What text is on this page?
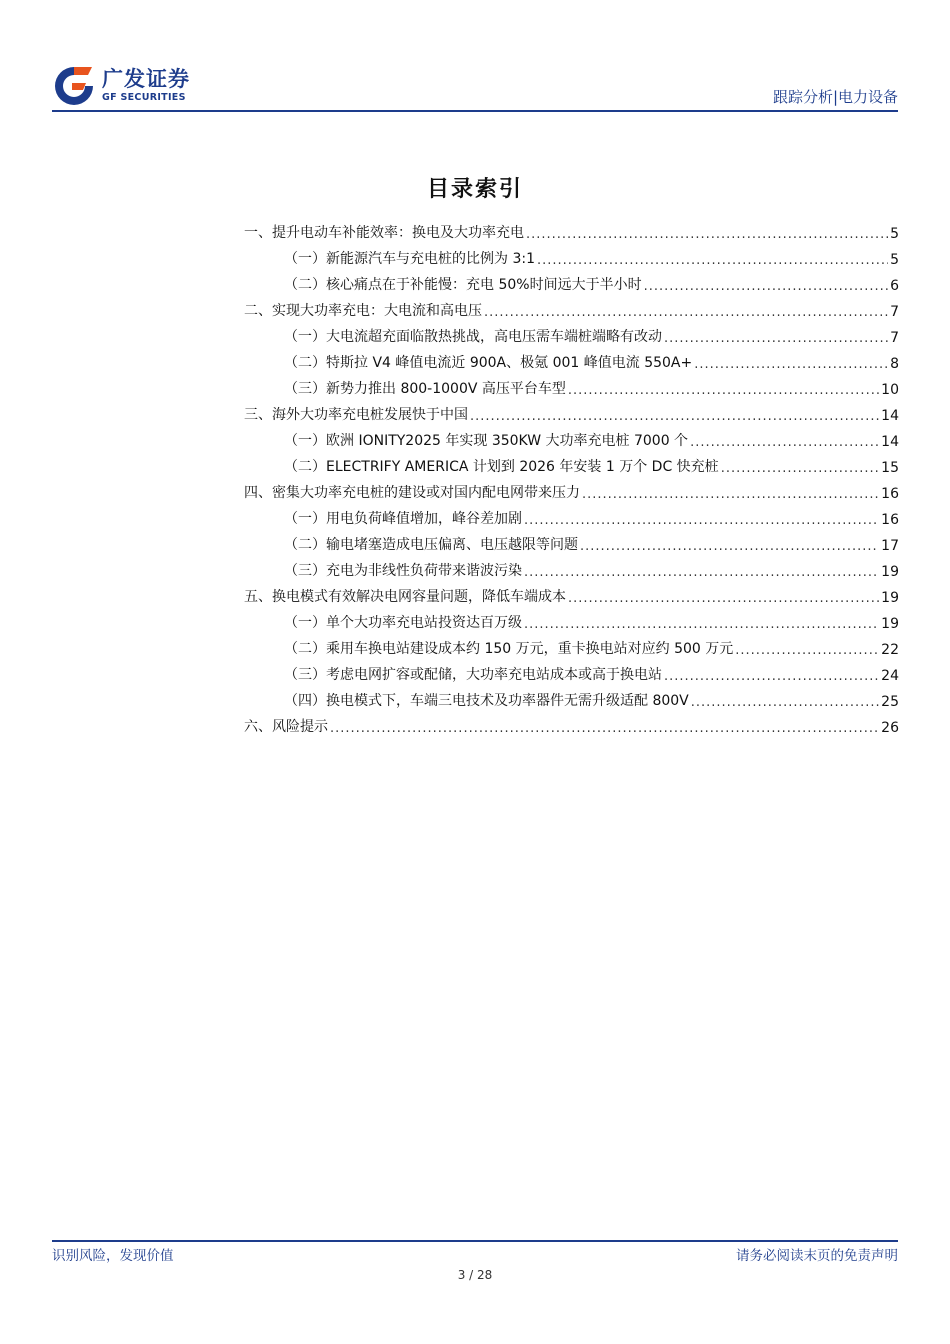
广发证券
GF SECURITIES	跟踪分析|电力设备
目录索引
一、提升电动车补能效率：换电及大功率充电 .....	5
（一）新能源汽车与充电桩的比例为 3:1 .....	5
（二）核心痛点在于补能慢：充电 50%时间远大于半小时 .....	6
二、实现大功率充电：大电流和高电压 .....	7
（一）大电流超充面临散热挑战，高电压需车端桩端略有改动 .....	7
（二）特斯拉 V4 峰值电流近 900A、极氪 001 峰值电流 550A+ .....	8
（三）新势力推出 800-1000V 高压平台车型 .....	10
三、海外大功率充电桩发展快于中国 .....	14
（一）欧洲 IONITY2025 年实现 350KW 大功率充电桩 7000 个 .....	14
（二）ELECTRIFY AMERICA 计划到 2026 年安装 1 万个 DC 快充桩 .....	15
四、密集大功率充电桩的建设或对国内配电网带来压力 .....	16
（一）用电负荷峰值增加，峰谷差加剧 .....	16
（二）输电堵塞造成电压偏离、电压越限等问题 .....	17
（三）充电为非线性负荷带来谐波污染 .....	19
五、换电模式有效解决电网容量问题，降低车端成本 .....	19
（一）单个大功率充电站投资达百万级 .....	19
（二）乘用车换电站建设成本约 150 万元，重卡换电站对应约 500 万元 .....	22
（三）考虑电网扩容或配储，大功率充电站成本或高于换电站 .....	24
（四）换电模式下，车端三电技术及功率器件无需升级适配 800V .....	25
六、风险提示 .....	26
识别风险，发现价值	请务必阅读末页的免责声明
3 / 28
